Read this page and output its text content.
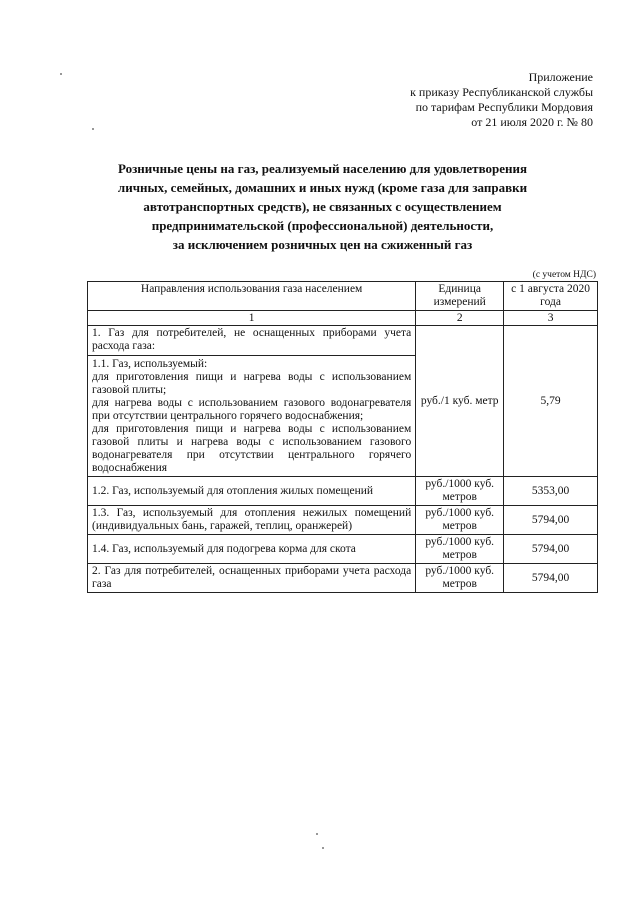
Приложение
к приказу Республиканской службы
по тарифам Республики Мордовия
от 21 июля 2020 г. № 80
Розничные цены на газ, реализуемый населению для удовлетворения
личных, семейных, домашних и иных нужд (кроме газа для заправки
автотранспортных средств), не связанных с осуществлением
предпринимательской (профессиональной) деятельности,
за исключением розничных цен на сжиженный газ
(с учетом НДС)
Направления использования газа населением	Единица измерений	с 1 августа 2020 года
1	2	3

1. Газ для потребителей, не оснащенных приборами учета расхода газа:

1.1. Газ, используемый:

для приготовления пищи и нагрева воды с использованием газовой плиты;

для нагрева воды с использованием газового водонагревателя при отсутствии центрального горячего водоснабжения;

для приготовления пищи и нагрева воды с использованием газовой плиты и нагрева воды с использованием газового водонагревателя при отсутствии центрального горячего водоснабжения	руб./1 куб. метр	5,79
1.2. Газ, используемый для отопления жилых помещений	руб./1000 куб. метров	5353,00
1.3. Газ, используемый для отопления нежилых помещений (индивидуальных бань, гаражей, теплиц, оранжерей)	руб./1000 куб. метров	5794,00
1.4. Газ, используемый для подогрева корма для скота	руб./1000 куб. метров	5794,00
2. Газ для потребителей, оснащенных приборами учета расхода газа	руб./1000 куб. метров	5794,00
